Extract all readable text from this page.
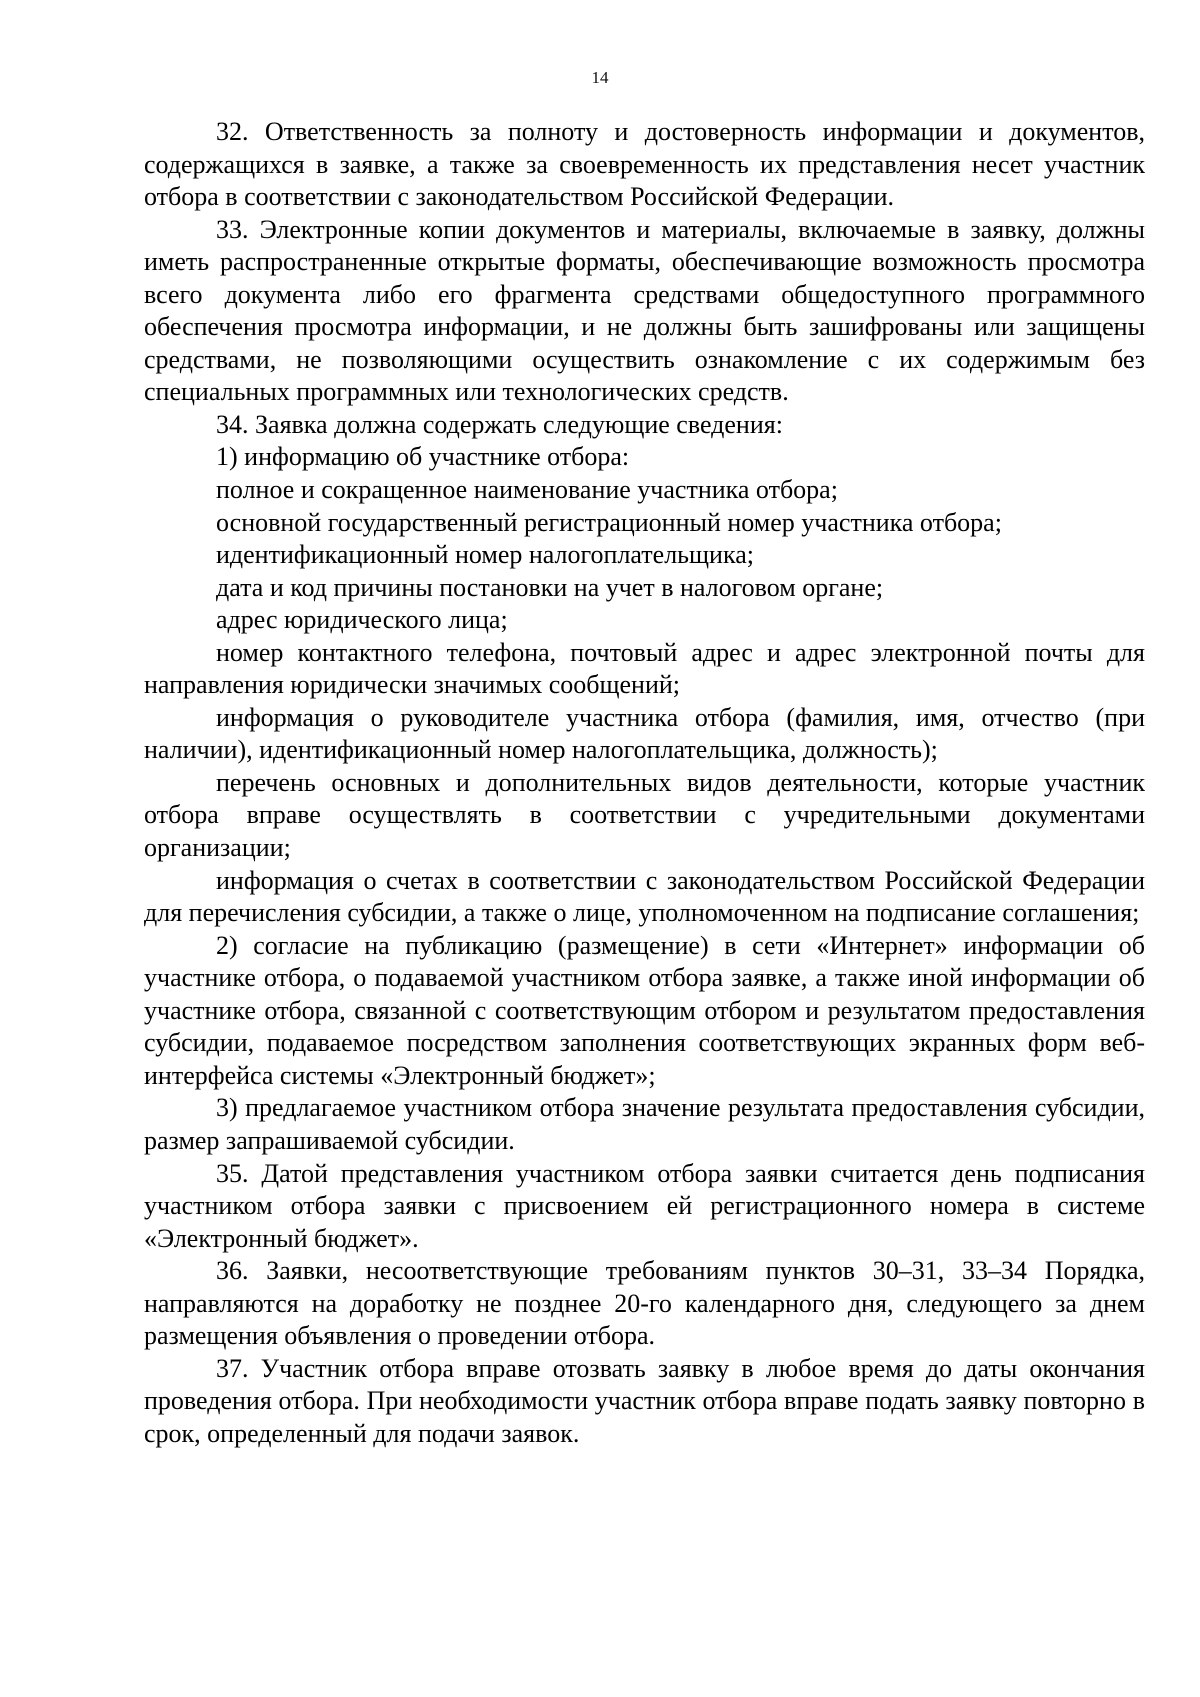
14

32. Ответственность за полноту и достоверность информации и документов, содержащихся в заявке, а также за своевременность их представления несет участник отбора в соответствии с законодательством Российской Федерации.

33. Электронные копии документов и материалы, включаемые в заявку, должны иметь распространенные открытые форматы, обеспечивающие возможность просмотра всего документа либо его фрагмента средствами общедоступного программного обеспечения просмотра информации, и не должны быть зашифрованы или защищены средствами, не позволяющими осуществить ознакомление с их содержимым без специальных программных или технологических средств.

34. Заявка должна содержать следующие сведения:

1) информацию об участнике отбора:

полное и сокращенное наименование участника отбора;

основной государственный регистрационный номер участника отбора;

идентификационный номер налогоплательщика;

дата и код причины постановки на учет в налоговом органе;

адрес юридического лица;

номер контактного телефона, почтовый адрес и адрес электронной почты для направления юридически значимых сообщений;

информация о руководителе участника отбора (фамилия, имя, отчество (при наличии), идентификационный номер налогоплательщика, должность);

перечень основных и дополнительных видов деятельности, которые участник отбора вправе осуществлять в соответствии с учредительными документами организации;

информация о счетах в соответствии с законодательством Российской Федерации для перечисления субсидии, а также о лице, уполномоченном на подписание соглашения;

2) согласие на публикацию (размещение) в сети «Интернет» информации об участнике отбора, о подаваемой участником отбора заявке, а также иной информации об участнике отбора, связанной с соответствующим отбором и результатом предоставления субсидии, подаваемое посредством заполнения соответствующих экранных форм веб-интерфейса системы «Электронный бюджет»;

3) предлагаемое участником отбора значение результата предоставления субсидии, размер запрашиваемой субсидии.

35. Датой представления участником отбора заявки считается день подписания участником отбора заявки с присвоением ей регистрационного номера в системе «Электронный бюджет».

36. Заявки, несоответствующие требованиям пунктов 30–31, 33–34 Порядка, направляются на доработку не позднее 20-го календарного дня, следующего за днем размещения объявления о проведении отбора.

37. Участник отбора вправе отозвать заявку в любое время до даты окончания проведения отбора. При необходимости участник отбора вправе подать заявку повторно в срок, определенный для подачи заявок.
